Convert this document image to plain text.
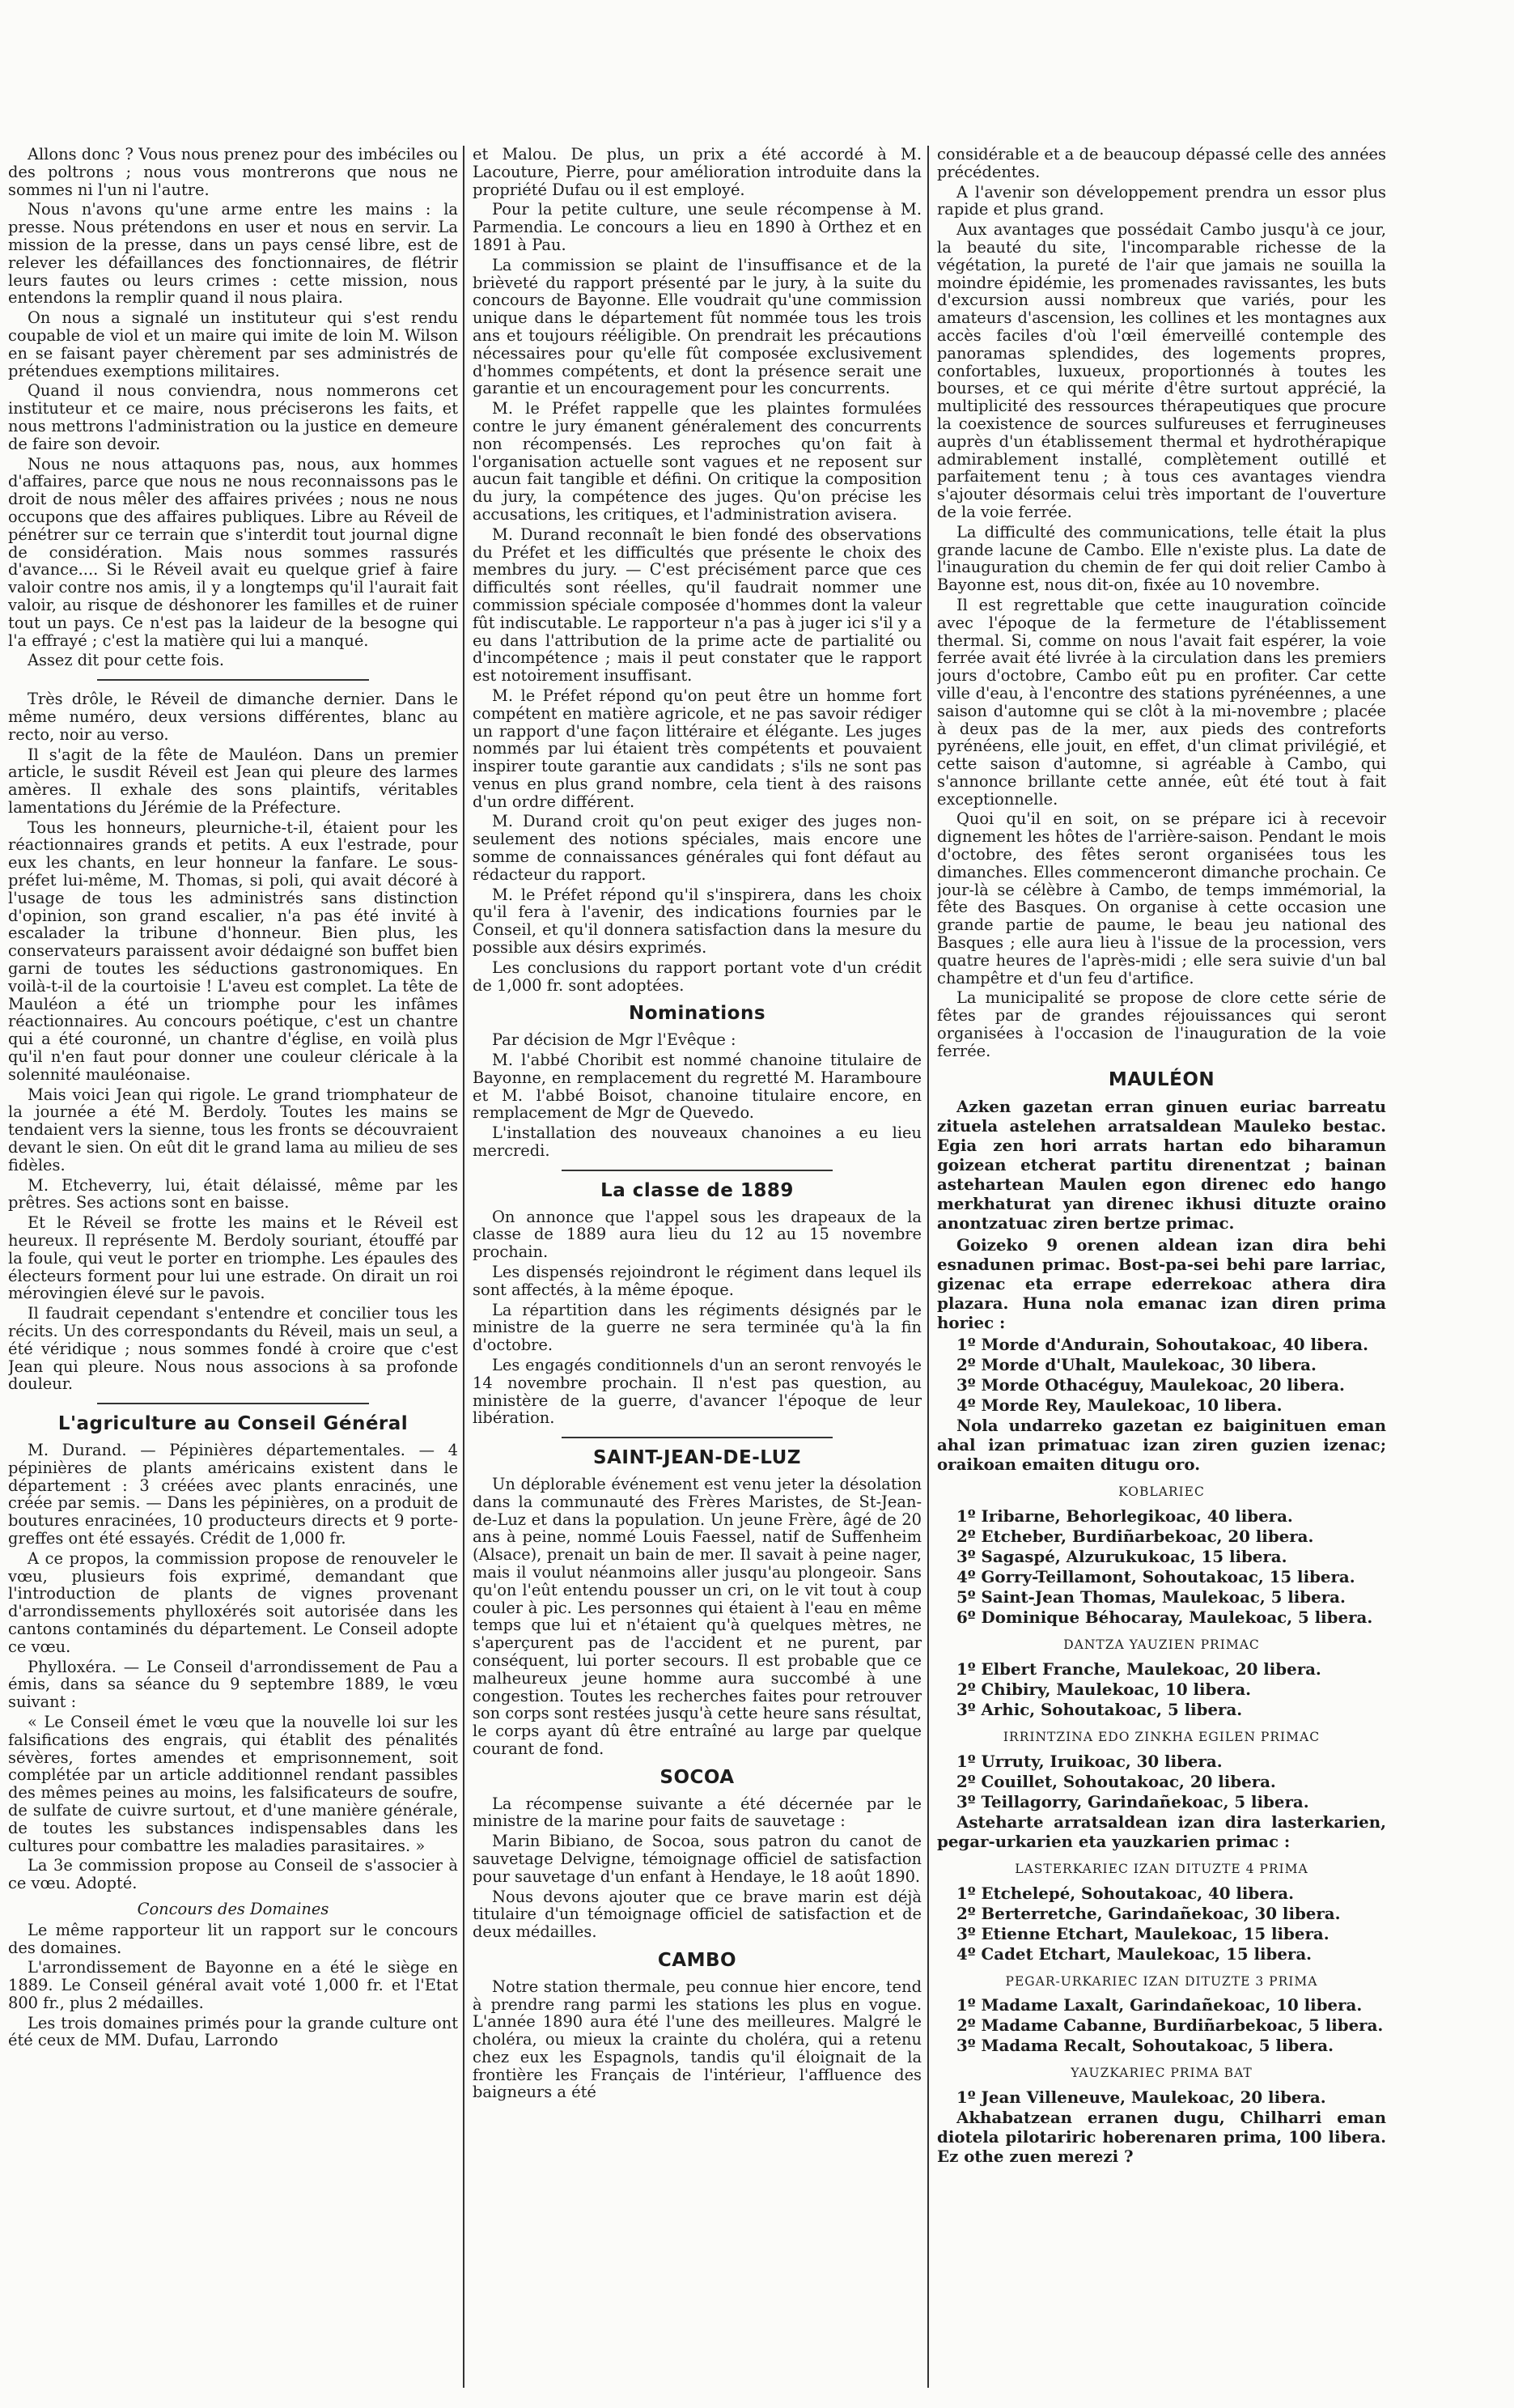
Allons donc ? Vous nous prenez pour des imbéciles ou des poltrons ; nous vous montrerons que nous ne sommes ni l'un ni l'autre.

Nous n'avons qu'une arme entre les mains : la presse. Nous prétendons en user et nous en servir. La mission de la presse, dans un pays censé libre, est de relever les défaillances des fonctionnaires, de flétrir leurs fautes ou leurs crimes : cette mission, nous entendons la remplir quand il nous plaira.

On nous a signalé un instituteur qui s'est rendu coupable de viol et un maire qui imite de loin M. Wilson en se faisant payer chèrement par ses administrés de prétendues exemptions militaires.

Quand il nous conviendra, nous nommerons cet instituteur et ce maire, nous préciserons les faits, et nous mettrons l'administration ou la justice en demeure de faire son devoir.

Nous ne nous attaquons pas, nous, aux hommes d'affaires, parce que nous ne nous reconnaissons pas le droit de nous mêler des affaires privées ; nous ne nous occupons que des affaires publiques. Libre au Réveil de pénétrer sur ce terrain que s'interdit tout journal digne de considération. Mais nous sommes rassurés d'avance.... Si le Réveil avait eu quelque grief à faire valoir contre nos amis, il y a longtemps qu'il l'aurait fait valoir, au risque de déshonorer les familles et de ruiner tout un pays. Ce n'est pas la laideur de la besogne qui l'a effrayé ; c'est la matière qui lui a manqué.

Assez dit pour cette fois.

Très drôle, le Réveil de dimanche dernier. Dans le même numéro, deux versions différentes, blanc au recto, noir au verso.

Il s'agit de la fête de Mauléon. Dans un premier article, le susdit Réveil est Jean qui pleure des larmes amères. Il exhale des sons plaintifs, véritables lamentations du Jérémie de la Préfecture.

Tous les honneurs, pleurniche-t-il, étaient pour les réactionnaires grands et petits. A eux l'estrade, pour eux les chants, en leur honneur la fanfare. Le sous-préfet lui-même, M. Thomas, si poli, qui avait décoré à l'usage de tous les administrés sans distinction d'opinion, son grand escalier, n'a pas été invité à escalader la tribune d'honneur. Bien plus, les conservateurs paraissent avoir dédaigné son buffet bien garni de toutes les séductions gastronomiques. En voilà-t-il de la courtoisie ! L'aveu est complet. La tête de Mauléon a été un triomphe pour les infâmes réactionnaires. Au concours poétique, c'est un chantre qui a été couronné, un chantre d'église, en voilà plus qu'il n'en faut pour donner une couleur cléricale à la solennité mauléonaise.

Mais voici Jean qui rigole. Le grand triomphateur de la journée a été M. Berdoly. Toutes les mains se tendaient vers la sienne, tous les fronts se découvraient devant le sien. On eût dit le grand lama au milieu de ses fidèles.

M. Etcheverry, lui, était délaissé, même par les prêtres. Ses actions sont en baisse.

Et le Réveil se frotte les mains et le Réveil est heureux. Il représente M. Berdoly souriant, étouffé par la foule, qui veut le porter en triomphe. Les épaules des électeurs forment pour lui une estrade. On dirait un roi mérovingien élevé sur le pavois.

Il faudrait cependant s'entendre et concilier tous les récits. Un des correspondants du Réveil, mais un seul, a été véridique ; nous sommes fondé à croire que c'est Jean qui pleure. Nous nous associons à sa profonde douleur.

L'agriculture au Conseil Général

M. Durand. — Pépinières départementales. — 4 pépinières de plants américains existent dans le département : 3 créées avec plants enracinés, une créée par semis. — Dans les pépinières, on a produit de boutures enracinées, 10 producteurs directs et 9 porte-greffes ont été essayés. Crédit de 1,000 fr.

A ce propos, la commission propose de renouveler le vœu, plusieurs fois exprimé, demandant que l'introduction de plants de vignes provenant d'arrondissements phylloxérés soit autorisée dans les cantons contaminés du département. Le Conseil adopte ce vœu.

Phylloxéra. — Le Conseil d'arrondissement de Pau a émis, dans sa séance du 9 septembre 1889, le vœu suivant :

« Le Conseil émet le vœu que la nouvelle loi sur les falsifications des engrais, qui établit des pénalités sévères, fortes amendes et emprisonnement, soit complétée par un article additionnel rendant passibles des mêmes peines au moins, les falsificateurs de soufre, de sulfate de cuivre surtout, et d'une manière générale, de toutes les substances indispensables dans les cultures pour combattre les maladies parasitaires. »

La 3e commission propose au Conseil de s'associer à ce vœu. Adopté.

Concours des Domaines

Le même rapporteur lit un rapport sur le concours des domaines.

L'arrondissement de Bayonne en a été le siège en 1889. Le Conseil général avait voté 1,000 fr. et l'Etat 800 fr., plus 2 médailles.

Les trois domaines primés pour la grande culture ont été ceux de MM. Dufau, Larrondo

et Malou. De plus, un prix a été accordé à M. Lacouture, Pierre, pour amélioration introduite dans la propriété Dufau ou il est employé.

Pour la petite culture, une seule récompense à M. Parmendia. Le concours a lieu en 1890 à Orthez et en 1891 à Pau.

La commission se plaint de l'insuffisance et de la brièveté du rapport présenté par le jury, à la suite du concours de Bayonne. Elle voudrait qu'une commission unique dans le département fût nommée tous les trois ans et toujours rééligible. On prendrait les précautions nécessaires pour qu'elle fût composée exclusivement d'hommes compétents, et dont la présence serait une garantie et un encouragement pour les concurrents.

M. le Préfet rappelle que les plaintes formulées contre le jury émanent généralement des concurrents non récompensés. Les reproches qu'on fait à l'organisation actuelle sont vagues et ne reposent sur aucun fait tangible et défini. On critique la composition du jury, la compétence des juges. Qu'on précise les accusations, les critiques, et l'administration avisera.

M. Durand reconnaît le bien fondé des observations du Préfet et les difficultés que présente le choix des membres du jury. — C'est précisément parce que ces difficultés sont réelles, qu'il faudrait nommer une commission spéciale composée d'hommes dont la valeur fût indiscutable. Le rapporteur n'a pas à juger ici s'il y a eu dans l'attribution de la prime acte de partialité ou d'incompétence ; mais il peut constater que le rapport est notoirement insuffisant.

M. le Préfet répond qu'on peut être un homme fort compétent en matière agricole, et ne pas savoir rédiger un rapport d'une façon littéraire et élégante. Les juges nommés par lui étaient très compétents et pouvaient inspirer toute garantie aux candidats ; s'ils ne sont pas venus en plus grand nombre, cela tient à des raisons d'un ordre différent.

M. Durand croit qu'on peut exiger des juges non-seulement des notions spéciales, mais encore une somme de connaissances générales qui font défaut au rédacteur du rapport.

M. le Préfet répond qu'il s'inspirera, dans les choix qu'il fera à l'avenir, des indications fournies par le Conseil, et qu'il donnera satisfaction dans la mesure du possible aux désirs exprimés.

Les conclusions du rapport portant vote d'un crédit de 1,000 fr. sont adoptées.

Nominations

Par décision de Mgr l'Evêque :

M. l'abbé Choribit est nommé chanoine titulaire de Bayonne, en remplacement du regretté M. Haramboure et M. l'abbé Boisot, chanoine titulaire encore, en remplacement de Mgr de Quevedo.

L'installation des nouveaux chanoines a eu lieu mercredi.

La classe de 1889

On annonce que l'appel sous les drapeaux de la classe de 1889 aura lieu du 12 au 15 novembre prochain.

Les dispensés rejoindront le régiment dans lequel ils sont affectés, à la même époque.

La répartition dans les régiments désignés par le ministre de la guerre ne sera terminée qu'à la fin d'octobre.

Les engagés conditionnels d'un an seront renvoyés le 14 novembre prochain. Il n'est pas question, au ministère de la guerre, d'avancer l'époque de leur libération.

SAINT-JEAN-DE-LUZ

Un déplorable événement est venu jeter la désolation dans la communauté des Frères Maristes, de St-Jean-de-Luz et dans la population. Un jeune Frère, âgé de 20 ans à peine, nommé Louis Faessel, natif de Suffenheim (Alsace), prenait un bain de mer. Il savait à peine nager, mais il voulut néanmoins aller jusqu'au plongeoir. Sans qu'on l'eût entendu pousser un cri, on le vit tout à coup couler à pic. Les personnes qui étaient à l'eau en même temps que lui et n'étaient qu'à quelques mètres, ne s'aperçurent pas de l'accident et ne purent, par conséquent, lui porter secours. Il est probable que ce malheureux jeune homme aura succombé à une congestion. Toutes les recherches faites pour retrouver son corps sont restées jusqu'à cette heure sans résultat, le corps ayant dû être entraîné au large par quelque courant de fond.

SOCOA

La récompense suivante a été décernée par le ministre de la marine pour faits de sauvetage :

Marin Bibiano, de Socoa, sous patron du canot de sauvetage Delvigne, témoignage officiel de satisfaction pour sauvetage d'un enfant à Hendaye, le 18 août 1890.

Nous devons ajouter que ce brave marin est déjà titulaire d'un témoignage officiel de satisfaction et de deux médailles.

CAMBO

Notre station thermale, peu connue hier encore, tend à prendre rang parmi les stations les plus en vogue. L'année 1890 aura été l'une des meilleures. Malgré le choléra, ou mieux la crainte du choléra, qui a retenu chez eux les Espagnols, tandis qu'il éloignait de la frontière les Français de l'intérieur, l'affluence des baigneurs a été

considérable et a de beaucoup dépassé celle des années précédentes.

A l'avenir son développement prendra un essor plus rapide et plus grand.

Aux avantages que possédait Cambo jusqu'à ce jour, la beauté du site, l'incomparable richesse de la végétation, la pureté de l'air que jamais ne souilla la moindre épidémie, les promenades ravissantes, les buts d'excursion aussi nombreux que variés, pour les amateurs d'ascension, les collines et les montagnes aux accès faciles d'où l'œil émerveillé contemple des panoramas splendides, des logements propres, confortables, luxueux, proportionnés à toutes les bourses, et ce qui mérite d'être surtout apprécié, la multiplicité des ressources thérapeutiques que procure la coexistence de sources sulfureuses et ferrugineuses auprès d'un établissement thermal et hydrothérapique admirablement installé, complètement outillé et parfaitement tenu ; à tous ces avantages viendra s'ajouter désormais celui très important de l'ouverture de la voie ferrée.

La difficulté des communications, telle était la plus grande lacune de Cambo. Elle n'existe plus. La date de l'inauguration du chemin de fer qui doit relier Cambo à Bayonne est, nous dit-on, fixée au 10 novembre.

Il est regrettable que cette inauguration coïncide avec l'époque de la fermeture de l'établissement thermal. Si, comme on nous l'avait fait espérer, la voie ferrée avait été livrée à la circulation dans les premiers jours d'octobre, Cambo eût pu en profiter. Car cette ville d'eau, à l'encontre des stations pyrénéennes, a une saison d'automne qui se clôt à la mi-novembre ; placée à deux pas de la mer, aux pieds des contreforts pyrénéens, elle jouit, en effet, d'un climat privilégié, et cette saison d'automne, si agréable à Cambo, qui s'annonce brillante cette année, eût été tout à fait exceptionnelle.

Quoi qu'il en soit, on se prépare ici à recevoir dignement les hôtes de l'arrière-saison. Pendant le mois d'octobre, des fêtes seront organisées tous les dimanches. Elles commenceront dimanche prochain. Ce jour-là se célèbre à Cambo, de temps immémorial, la fête des Basques. On organise à cette occasion une grande partie de paume, le beau jeu national des Basques ; elle aura lieu à l'issue de la procession, vers quatre heures de l'après-midi ; elle sera suivie d'un bal champêtre et d'un feu d'artifice.

La municipalité se propose de clore cette série de fêtes par de grandes réjouissances qui seront organisées à l'occasion de l'inauguration de la voie ferrée.

MAULÉON

Azken gazetan erran ginuen euriac barreatu zituela astelehen arratsaldean Mauleko bestac. Egia zen hori arrats hartan edo biharamun goizean etcherat partitu direnentzat ; bainan astehartean Maulen egon direnec edo hango merkhaturat yan direnec ikhusi dituzte oraino anontzatuac ziren bertze primac.

Goizeko 9 orenen aldean izan dira behi esnadunen primac. Bost-pa-sei behi pare larriac, gizenac eta errape ederrekoac athera dira plazara. Huna nola emanac izan diren prima horiec :

1º Morde d'Andurain, Sohoutakoac, 40 libera.
2º Morde d'Uhalt, Maulekoac, 30 libera.
3º Morde Othacéguy, Maulekoac, 20 libera.
4º Morde Rey, Maulekoac, 10 libera.

Nola undarreko gazetan ez baiginituen eman ahal izan primatuac izan ziren guzien izenac; oraikoan emaiten ditugu oro.

KOBLARIEC
1º Iribarne, Behorlegikoac, 40 libera.
2º Etcheber, Burdiñarbekoac, 20 libera.
3º Sagaspé, Alzurukukoac, 15 libera.
4º Gorry-Teillamont, Sohoutakoac, 15 libera.
5º Saint-Jean Thomas, Maulekoac, 5 libera.
6º Dominique Béhocaray, Maulekoac, 5 libera.
DANTZA YAUZIEN PRIMAC
1º Elbert Franche, Maulekoac, 20 libera.
2º Chibiry, Maulekoac, 10 libera.
3º Arhic, Sohoutakoac, 5 libera.
IRRINTZINA EDO ZINKHA EGILEN PRIMAC
1º Urruty, Iruikoac, 30 libera.
2º Couillet, Sohoutakoac, 20 libera.
3º Teillagorry, Garindañekoac, 5 libera.

Asteharte arratsaldean izan dira lasterkarien, pegar-urkarien eta yauzkarien primac :

LASTERKARIEC IZAN DITUZTE 4 PRIMA
1º Etchelepé, Sohoutakoac, 40 libera.
2º Berterretche, Garindañekoac, 30 libera.
3º Etienne Etchart, Maulekoac, 15 libera.
4º Cadet Etchart, Maulekoac, 15 libera.
PEGAR-URKARIEC IZAN DITUZTE 3 PRIMA
1º Madame Laxalt, Garindañekoac, 10 libera.
2º Madame Cabanne, Burdiñarbekoac, 5 libera.
3º Madama Recalt, Sohoutakoac, 5 libera.
YAUZKARIEC PRIMA BAT
1º Jean Villeneuve, Maulekoac, 20 libera.

Akhabatzean erranen dugu, Chilharri eman diotela pilotariric hoberenaren prima, 100 libera. Ez othe zuen merezi ?
